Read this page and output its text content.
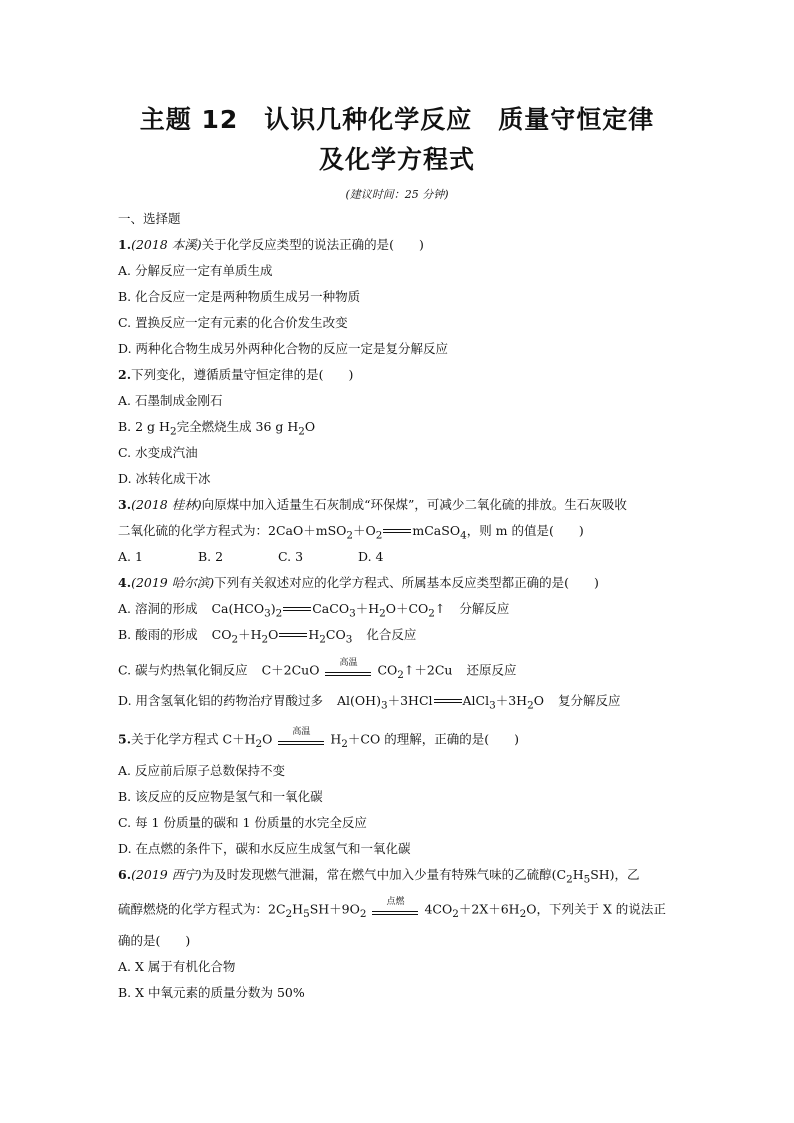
主题 12　认识几种化学反应　质量守恒定律
及化学方程式
(建议时间：25 分钟)
一、选择题
1.(2018 本溪)关于化学反应类型的说法正确的是(　　)
A. 分解反应一定有单质生成
B. 化合反应一定是两种物质生成另一种物质
C. 置换反应一定有元素的化合价发生改变
D. 两种化合物生成另外两种化合物的反应一定是复分解反应
2.下列变化，遵循质量守恒定律的是(　　)
A. 石墨制成金刚石
B. 2 g $H_2$完全燃烧生成 36 g $H_2O$
C. 水变成汽油
D. 冰转化成干冰
3.(2018 桂林)向原煤中加入适量生石灰制成“环保煤”，可减少二氧化硫的排放。生石灰吸收
二氧化硫的化学方程式为：$2CaO+mSO_2+O_2$ mCaSO$_4$，则 m 的值是(　　)
A. 1	B. 2	C. 3	D. 4
4.(2019 哈尔滨)下列有关叙述对应的化学方程式、所属基本反应类型都正确的是(　　)
A. 溶洞的形成 $Ca(HCO_3)_2$ $CaCO_3+H_2O+CO_2↑$ 分解反应
B. 酸雨的形成 $CO_2+H_2O$ $H_2CO_3$ 化合反应
C. 碳与灼热氧化铜反应 C＋2CuO	高温	$CO_2↑+2Cu$ 还原反应
D. 用含氢氧化铝的药物治疗胃酸过多 $Al(OH)_3+3HCl$ $AlCl_3+3H_2O$ 复分解反应
5.关于化学方程式 $C+H_2O$	高温	$H_2+CO$ 的理解，正确的是(　　)
A. 反应前后原子总数保持不变
B. 该反应的反应物是氢气和一氧化碳
C. 每 1 份质量的碳和 1 份质量的水完全反应
D. 在点燃的条件下，碳和水反应生成氢气和一氧化碳
6.(2019 西宁)为及时发现燃气泄漏，常在燃气中加入少量有特殊气味的乙硫醇$(C_2H_5SH)$，乙
硫醇燃烧的化学方程式为：$2C_2H_5SH+9O_2$
点燃	$4CO_2+2X+6H_2O$，下列关于 X 的说法正
确的是(　　)
A. X 属于有机化合物
B. X 中氧元素的质量分数为 50%
